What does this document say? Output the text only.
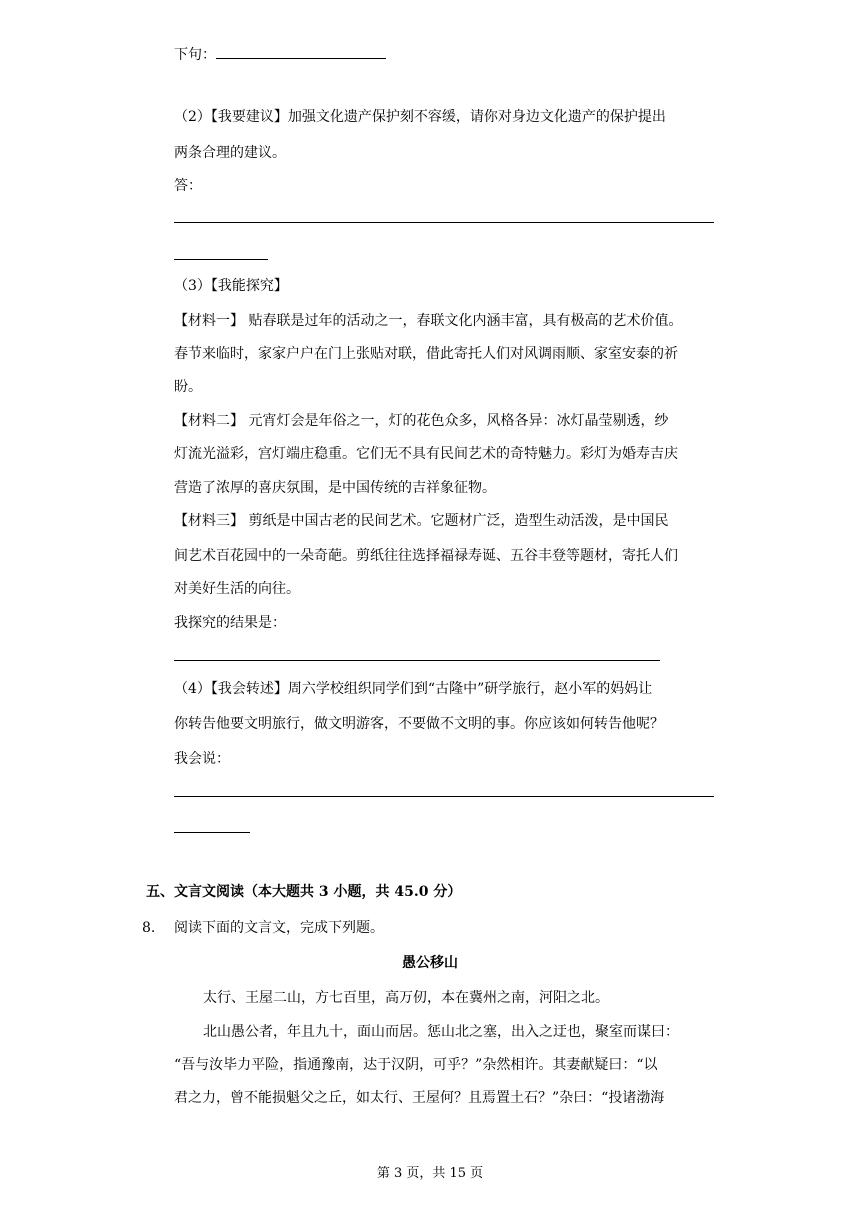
下句：
（2）【我要建议】加强文化遗产保护刻不容缓，请你对身边文化遗产的保护提出
两条合理的建议。
答：
（3）【我能探究】
【材料一】 贴春联是过年的活动之一，春联文化内涵丰富，具有极高的艺术价值。
春节来临时，家家户户在门上张贴对联，借此寄托人们对风调雨顺、家室安泰的祈
盼。
【材料二】 元宵灯会是年俗之一，灯的花色众多，风格各异：冰灯晶莹剔透，纱
灯流光溢彩，宫灯端庄稳重。它们无不具有民间艺术的奇特魅力。彩灯为婚寿吉庆
营造了浓厚的喜庆氛围，是中国传统的吉祥象征物。
【材料三】 剪纸是中国古老的民间艺术。它题材广泛，造型生动活泼，是中国民
间艺术百花园中的一朵奇葩。剪纸往往选择福禄寿诞、五谷丰登等题材，寄托人们
对美好生活的向往。
我探究的结果是：
（4）【我会转述】周六学校组织同学们到“古隆中”研学旅行，赵小军的妈妈让
你转告他要文明旅行，做文明游客，不要做不文明的事。你应该如何转告他呢？
我会说：
五、文言文阅读（本大题共 3 小题，共 45.0 分）
8. 阅读下面的文言文，完成下列题。
愚公移山
太行、王屋二山，方七百里，高万仞，本在冀州之南，河阳之北。
北山愚公者，年且九十，面山而居。惩山北之塞，出入之迂也，聚室而谋曰：
“吾与汝毕力平险，指通豫南，达于汉阴，可乎？”杂然相许。其妻献疑曰：“以
君之力，曾不能损魁父之丘，如太行、王屋何？且焉置土石？”杂曰：“投诸渤海
第 3 页，共 15 页
